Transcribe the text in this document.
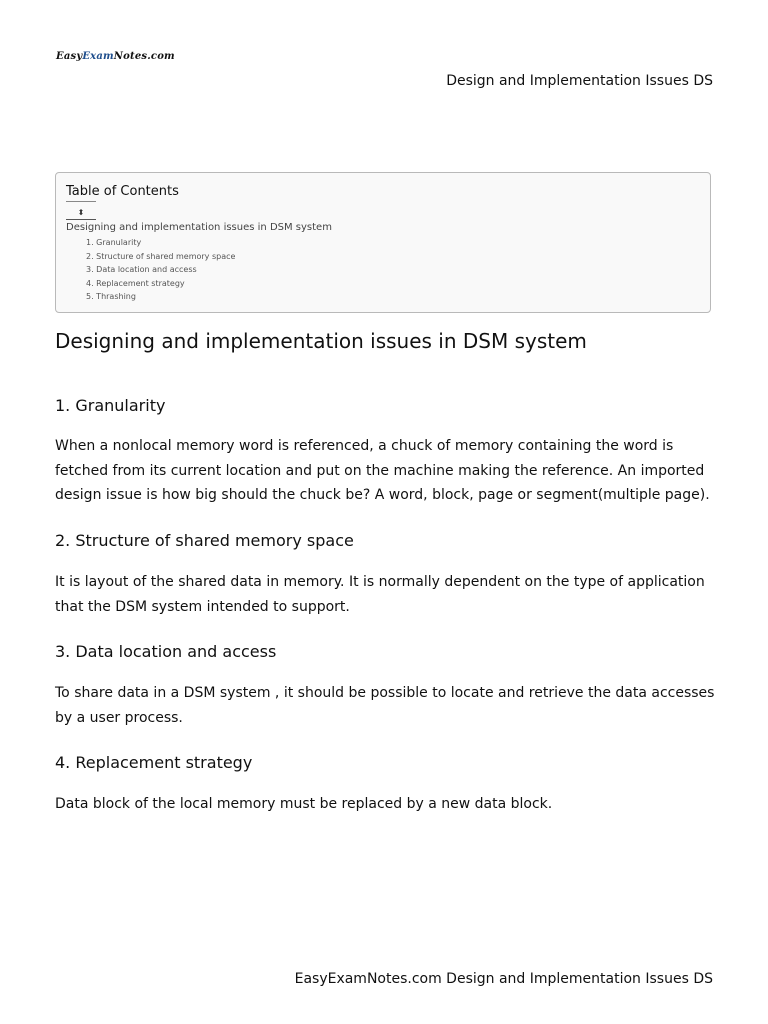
EasyExamNotes.com
Design and Implementation Issues DS
Table of Contents
⬍
Designing and implementation issues in DSM system
1. Granularity
2. Structure of shared memory space
3. Data location and access
4. Replacement strategy
5. Thrashing
Designing and implementation issues in DSM system
1. Granularity
When a nonlocal memory word is referenced, a chuck of memory containing the word is fetched from its current location and put on the machine making the reference. An imported design issue is how big should the chuck be? A word, block, page or segment(multiple page).
2. Structure of shared memory space
It is layout of the shared data in memory. It is normally dependent on the type of application that the DSM system intended to support.
3. Data location and access
To share data in a DSM system , it should be possible to locate and retrieve the data accesses by a user process.
4. Replacement strategy
Data block of the local memory must be replaced by a new data block.
EasyExamNotes.com Design and Implementation Issues DS
